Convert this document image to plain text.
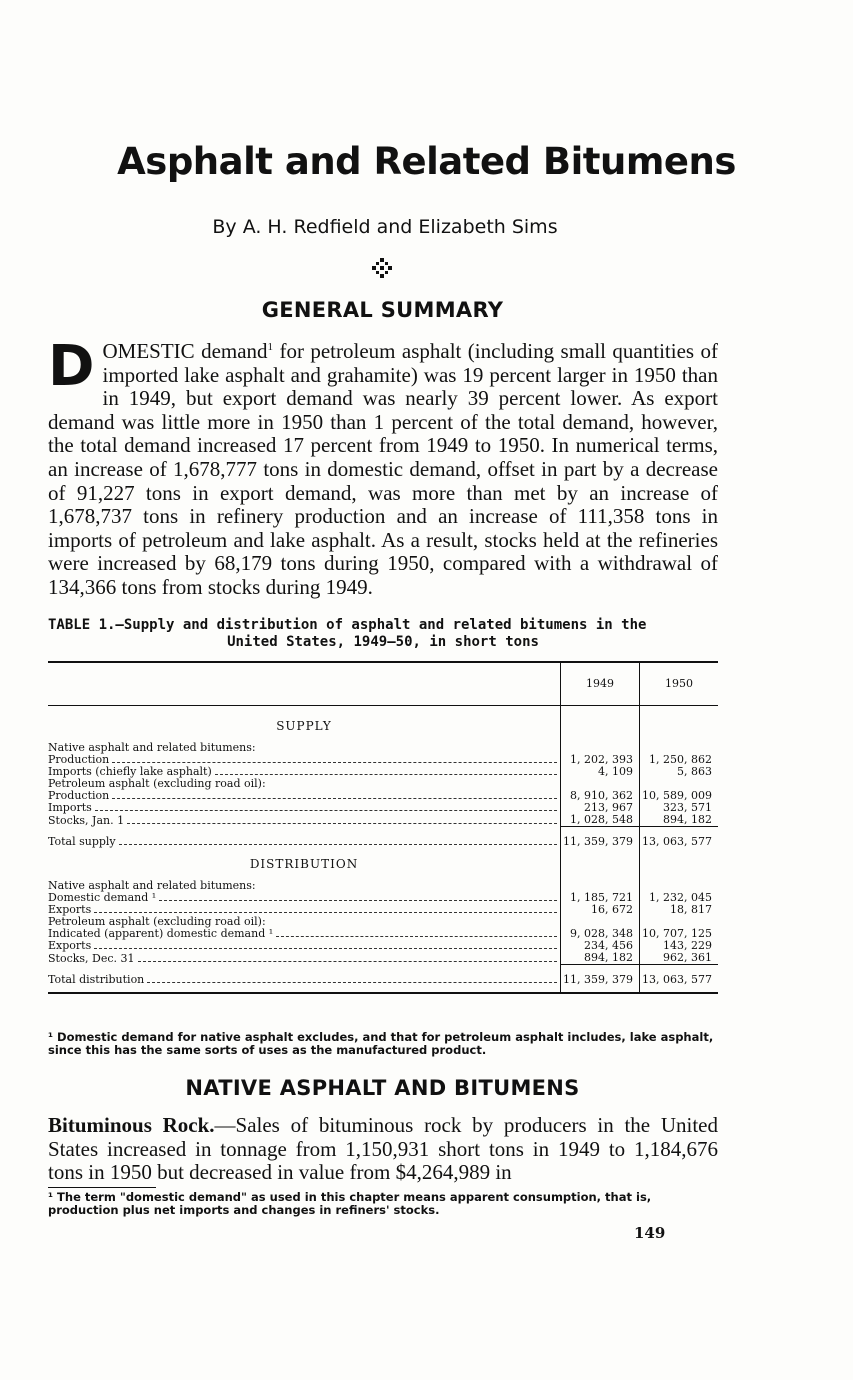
Asphalt and Related Bitumens
By A. H. Redfield and Elizabeth Sims
GENERAL SUMMARY
DOMESTIC demand$^1$ for petroleum asphalt (including small quantities of imported lake asphalt and grahamite) was 19 percent larger in 1950 than in 1949, but export demand was nearly 39 percent lower. As export demand was little more in 1950 than 1 percent of the total demand, however, the total demand increased 17 percent from 1949 to 1950. In numerical terms, an increase of 1,678,777 tons in domestic demand, offset in part by a decrease of 91,227 tons in export demand, was more than met by an increase of 1,678,737 tons in refinery production and an increase of 111,358 tons in imports of petroleum and lake asphalt. As a result, stocks held at the refineries were increased by 68,179 tons during 1950, compared with a withdrawal of 134,366 tons from stocks during 1949.
TABLE 1.—Supply and distribution of asphalt and related bitumens in the
United States, 1949–50, in short tons
	1949	1950
SUPPLY		
Native asphalt and related bitumens:		

Production	1, 202, 393	1, 250, 862

Imports (chiefly lake asphalt)	4, 109	5, 863
Petroleum asphalt (excluding road oil):		

Production	8, 910, 362	10, 589, 009

Imports	213, 967	323, 571

Stocks, Jan. 1	1, 028, 548	894, 182

Total supply	11, 359, 379	13, 063, 577
DISTRIBUTION		
Native asphalt and related bitumens:		

Domestic demand ¹	1, 185, 721	1, 232, 045

Exports	16, 672	18, 817
Petroleum asphalt (excluding road oil):		

Indicated (apparent) domestic demand ¹	9, 028, 348	10, 707, 125

Exports	234, 456	143, 229

Stocks, Dec. 31	894, 182	962, 361

Total distribution	11, 359, 379	13, 063, 577
¹ Domestic demand for native asphalt excludes, and that for petroleum asphalt includes, lake asphalt, since this has the same sorts of uses as the manufactured product.
NATIVE ASPHALT AND BITUMENS
Bituminous Rock.—Sales of bituminous rock by producers in the United States increased in tonnage from 1,150,931 short tons in 1949 to 1,184,676 tons in 1950 but decreased in value from $4,264,989 in
¹ The term "domestic demand" as used in this chapter means apparent consumption, that is, production plus net imports and changes in refiners' stocks.
149
